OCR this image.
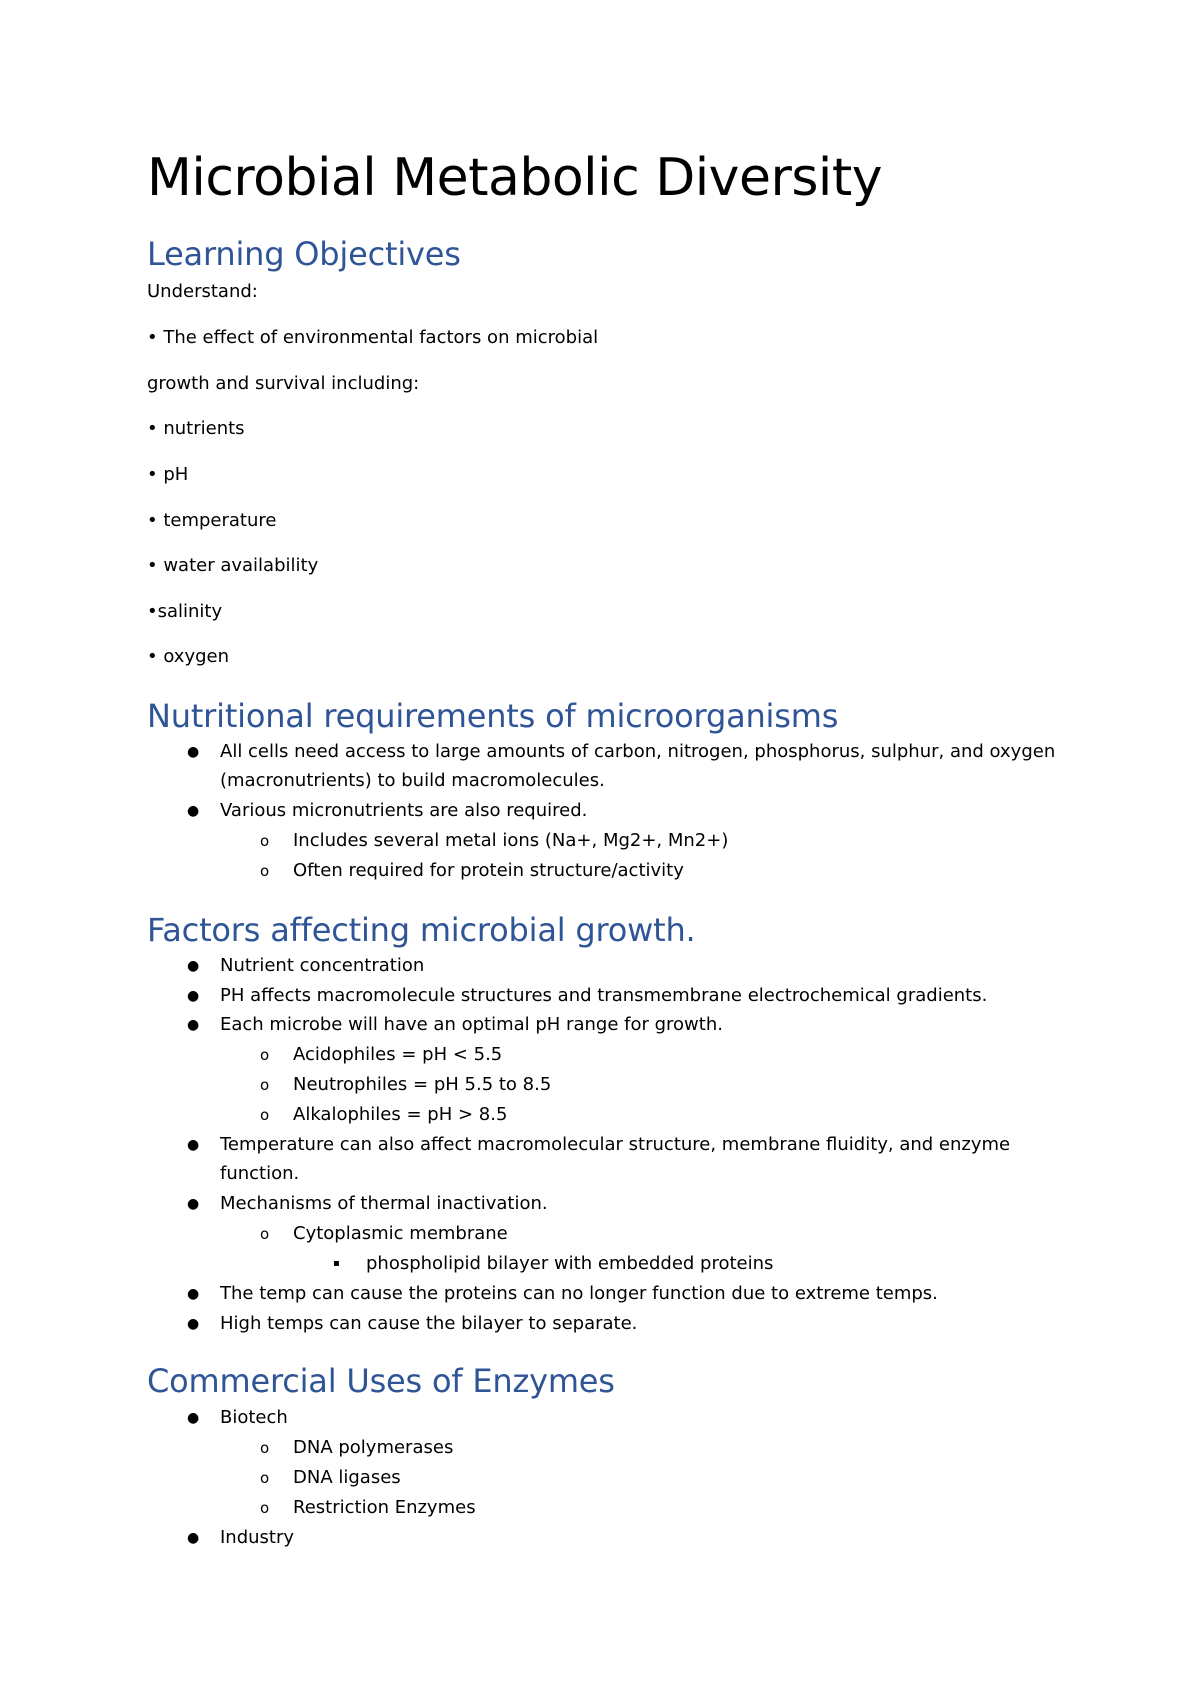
Microbial Metabolic Diversity
Learning Objectives
Understand:
• The effect of environmental factors on microbial
growth and survival including:
• nutrients
• pH
• temperature
• water availability
•salinity
• oxygen
Nutritional requirements of microorganisms
● All cells need access to large amounts of carbon, nitrogen, phosphorus, sulphur, and oxygen
(macronutrients) to build macromolecules.
● Various micronutrients are also required.
o Includes several metal ions (Na+, Mg2+, Mn2+)
o Often required for protein structure/activity
Factors affecting microbial growth.
● Nutrient concentration
● PH affects macromolecule structures and transmembrane electrochemical gradients.
● Each microbe will have an optimal pH range for growth.
o Acidophiles = pH < 5.5
o Neutrophiles = pH 5.5 to 8.5
o Alkalophiles = pH > 8.5
● Temperature can also affect macromolecular structure, membrane fluidity, and enzyme
function.
● Mechanisms of thermal inactivation.
o Cytoplasmic membrane
▪ phospholipid bilayer with embedded proteins
● The temp can cause the proteins can no longer function due to extreme temps.
● High temps can cause the bilayer to separate.
Commercial Uses of Enzymes
● Biotech
o DNA polymerases
o DNA ligases
o Restriction Enzymes
● Industry
